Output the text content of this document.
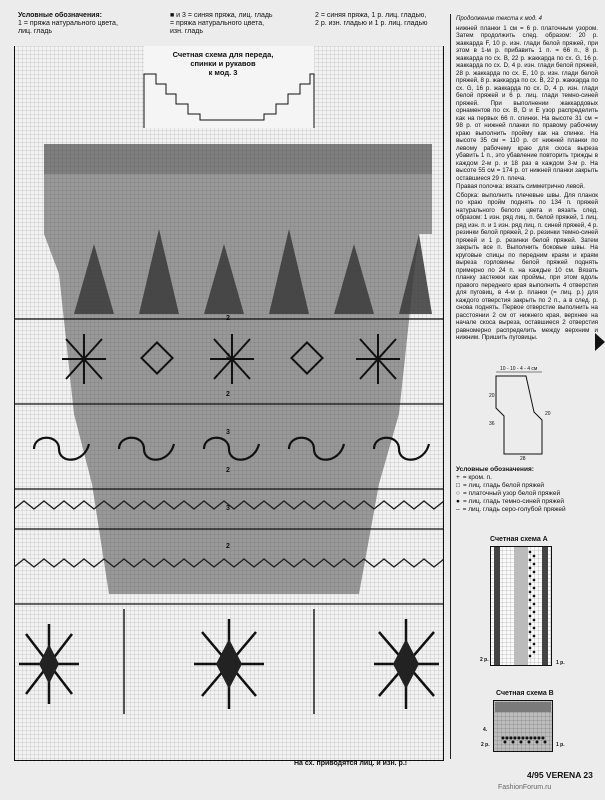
2
3
2
3
2
3
2
Условные обозначения:
1 = пряжа натурального цвета,
лиц. гладь
■ и 3 = синяя пряжа, лиц. гладь
= пряжа натурального цвета,
изн. гладь
2 = синяя пряжа, 1 р. лиц. гладью,
2 р. изн. гладью и 1 р. лиц. гладью
Счетная схема для переда,
спинки и рукавов
к мод. 3

Продолжение текста к мод. 4

нижней планки 1 см = 6 р. платочным узором. Затем продолжить след. образом: 20 р. жаккарда F, 10 р. изн. глади белой пряжей, при этом в 1-м р. прибавить 1 п. = 66 п., 8 р. жаккарда по сх. B, 22 р. жаккарда по сх. G, 16 р. жаккарда по сх. D, 4 р. изн. глади белой пряжей, 28 р. жаккарда по сх. E, 10 р. изн. глади белой пряжей, 8 р. жаккарда по сх. B, 22 р. жаккарда по сх. G, 16 р. жаккарда по сх. D, 4 р. изн. глади белой пряжей и 6 р. лиц. глади темно-синей пряжей. При выполнении жаккардовых орнаментов по сх. B, D и E узор распределить как на первых 66 п. спинки. На высоте 31 см = 98 р. от нижней планки по правому рабочему краю выполнить пройму как на спинке. На высоте 35 см = 110 р. от нижней планки по левому рабочему краю для скоса выреза убавить 1 п., это убавление повторить трижды в каждом 2-м р. и 18 раз в каждом 3-м р. На высоте 55 см = 174 р. от нижней планки закрыть оставшиеся 29 п. плеча.

Правая полочка: вязать симметрично левой.

Сборка: выполнить плечевые швы. Для планок по краю пройм поднять по 134 п. пряжей натурального белого цвета и вязать след. образом: 1 изн. ряд лиц. п. белой пряжей, 1 лиц. ряд изн. п. и 1 изн. ряд лиц. п. синей пряжей, 4 р. резинки белой пряжей, 2 р. резинки темно-синей пряжей и 1 р. резинки белой пряжей. Затем закрыть все п. Выполнить боковые швы. На круговые спицы по передним краям и краям выреза горловины белой пряжей поднять примерно по 24 п. на каждые 10 см. Вязать планку застежки как проймы, при этом вдоль правого переднего края выполнить 4 отверстия для пуговиц, в 4-м р. планки (= лиц. р.) для каждого отверстия закрыть по 2 п., а в след. р. снова поднять. Первое отверстие выполнить на расстоянии 2 см от нижнего края, верхнее на начале скоса выреза, оставшиеся 2 отверстия равномерно распределить между верхним и нижним. Пришить пуговицы.

10 - 10 - 4 - 4 см
20
36
20
28
Условные обозначения:
+ = кром. п.
□ = лиц. гладь белой пряжей
○ = платочный узор белой пряжей
● = лиц. гладь темно-синей пряжей
– = лиц. гладь серо-голубой пряжей
Счетная схема A
2 р.	1 р.
Счетная схема B
4.
2 р.	1 р.
На сх. приводятся лиц. и изн. р.!
4/95 VERENA 23
FashionForum.ru
